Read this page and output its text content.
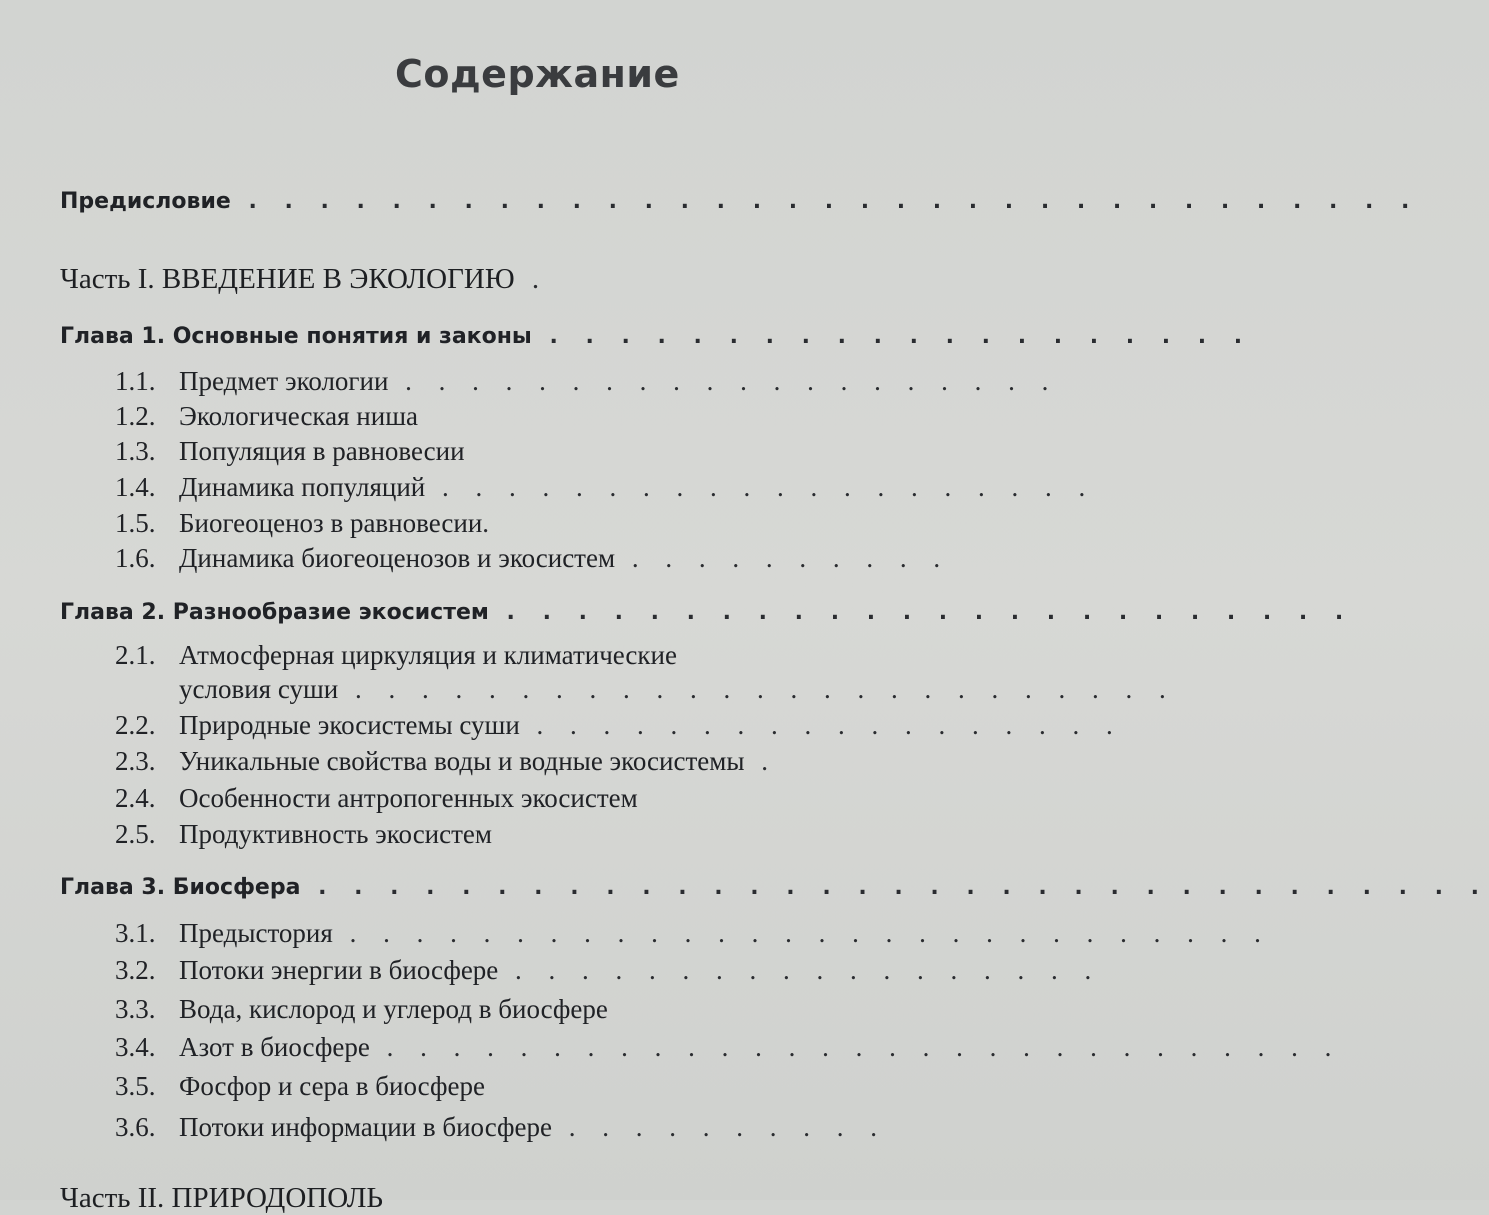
Содержание
Предисловие . . . . . . . . . . . . . . . . . . . . . . . . . . . . . . . . .
Часть I. ВВЕДЕНИЕ В ЭКОЛОГИЮ .
Глава 1. Основные понятия и законы . . . . . . . . . . . . . . . . . . . .
1.1. Предмет экологии . . . . . . . . . . . . . . . . . . . .
1.2. Экологическая ниша
1.3. Популяция в равновесии
1.4. Динамика популяций . . . . . . . . . . . . . . . . . . . .
1.5. Биогеоценоз в равновесии.
1.6. Динамика биогеоценозов и экосистем . . . . . . . . . .
Глава 2. Разнообразие экосистем . . . . . . . . . . . . . . . . . . . . . . . .
2.1. Атмосферная циркуляция и климатические
условия суши . . . . . . . . . . . . . . . . . . . . . . . . .
2.2. Природные экосистемы суши . . . . . . . . . . . . . . . . . .
2.3. Уникальные свойства воды и водные экосистемы .
2.4. Особенности антропогенных экосистем
2.5. Продуктивность экосистем
Глава 3. Биосфера . . . . . . . . . . . . . . . . . . . . . . . . . . . . . . . . .
3.1. Предыстория . . . . . . . . . . . . . . . . . . . . . . . . . . . .
3.2. Потоки энергии в биосфере . . . . . . . . . . . . . . . . . .
3.3. Вода, кислород и углерод в биосфере
3.4. Азот в биосфере . . . . . . . . . . . . . . . . . . . . . . . . . . . . .
3.5. Фосфор и сера в биосфере
3.6. Потоки информации в биосфере . . . . . . . . . .
Часть II. ПРИРОДОПОЛЬ
